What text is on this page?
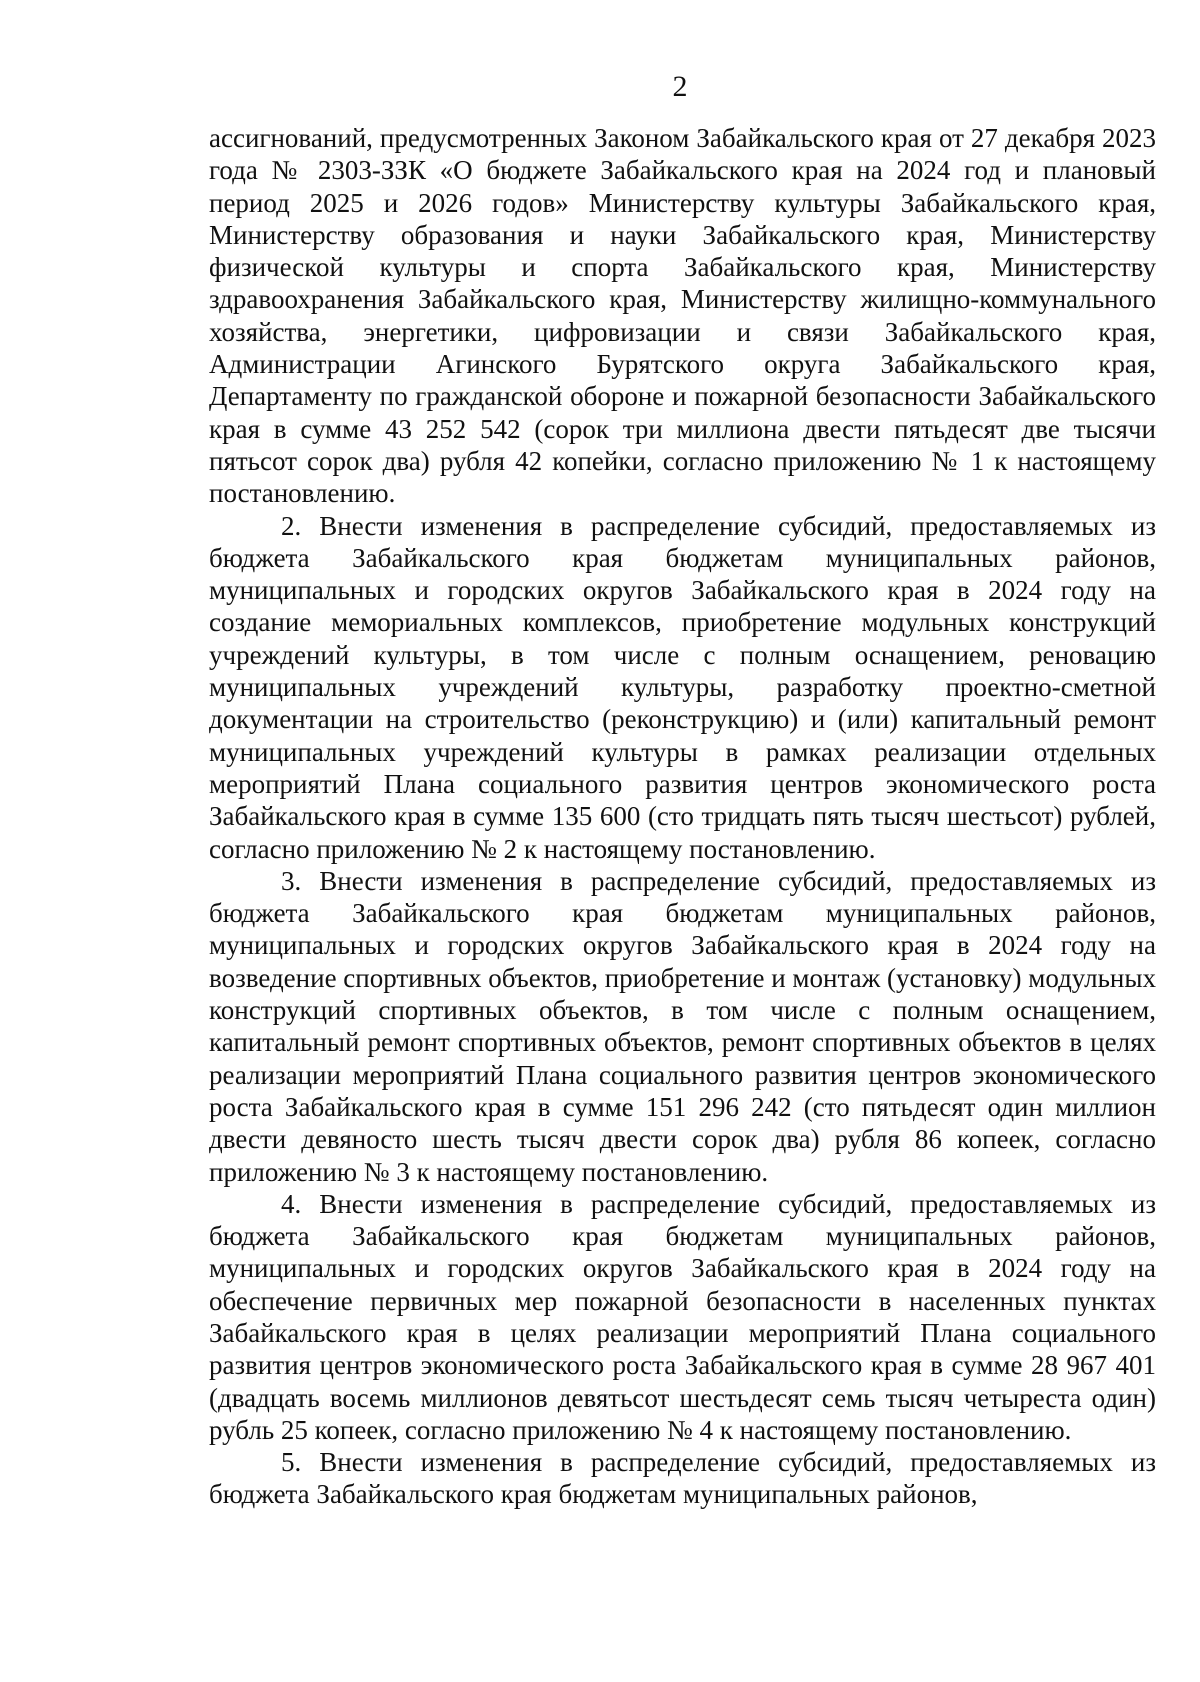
2

ассигнований, предусмотренных Законом Забайкальского края от 27 декабря 2023 года № 2303-ЗЗК «О бюджете Забайкальского края на 2024 год и плановый период 2025 и 2026 годов» Министерству культуры Забайкальского края, Министерству образования и науки Забайкальского края, Министерству физической культуры и спорта Забайкальского края, Министерству здравоохранения Забайкальского края, Министерству жилищно-коммунального хозяйства, энергетики, цифровизации и связи Забайкальского края, Администрации Агинского Бурятского округа Забайкальского края, Департаменту по гражданской обороне и пожарной безопасности Забайкальского края в сумме 43 252 542 (сорок три миллиона двести пятьдесят две тысячи пятьсот сорок два) рубля 42 копейки, согласно приложению № 1 к настоящему постановлению.

2. Внести изменения в распределение субсидий, предоставляемых из бюджета Забайкальского края бюджетам муниципальных районов, муниципальных и городских округов Забайкальского края в 2024 году на создание мемориальных комплексов, приобретение модульных конструкций учреждений культуры, в том числе с полным оснащением, реновацию муниципальных учреждений культуры, разработку проектно-сметной документации на строительство (реконструкцию) и (или) капитальный ремонт муниципальных учреждений культуры в рамках реализации отдельных мероприятий Плана социального развития центров экономического роста Забайкальского края в сумме 135 600 (сто тридцать пять тысяч шестьсот) рублей, согласно приложению № 2 к настоящему постановлению.

3. Внести изменения в распределение субсидий, предоставляемых из бюджета Забайкальского края бюджетам муниципальных районов, муниципальных и городских округов Забайкальского края в 2024 году на возведение спортивных объектов, приобретение и монтаж (установку) модульных конструкций спортивных объектов, в том числе с полным оснащением, капитальный ремонт спортивных объектов, ремонт спортивных объектов в целях реализации мероприятий Плана социального развития центров экономического роста Забайкальского края в сумме 151 296 242 (сто пятьдесят один миллион двести девяносто шесть тысяч двести сорок два) рубля 86 копеек, согласно приложению № 3 к настоящему постановлению.

4. Внести изменения в распределение субсидий, предоставляемых из бюджета Забайкальского края бюджетам муниципальных районов, муниципальных и городских округов Забайкальского края в 2024 году на обеспечение первичных мер пожарной безопасности в населенных пунктах Забайкальского края в целях реализации мероприятий Плана социального развития центров экономического роста Забайкальского края в сумме 28 967 401 (двадцать восемь миллионов девятьсот шестьдесят семь тысяч четыреста один) рубль 25 копеек, согласно приложению № 4 к настоящему постановлению.

5. Внести изменения в распределение субсидий, предоставляемых из бюджета Забайкальского края бюджетам муниципальных районов,
